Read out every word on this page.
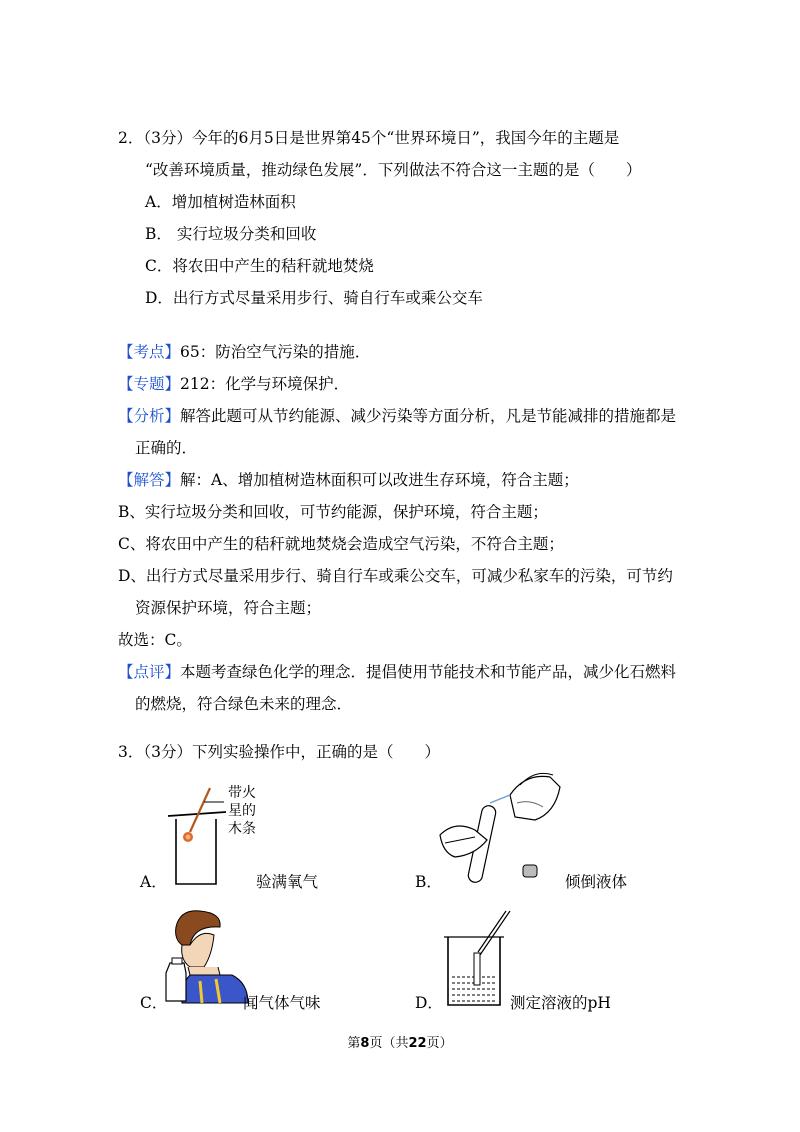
2．（3分）今年的6月5日是世界第45个“世界环境日”，我国今年的主题是
“改善环境质量，推动绿色发展”．下列做法不符合这一主题的是（　　）
A．增加植树造林面积
B． 实行垃圾分类和回收
C．将农田中产生的秸秆就地焚烧
D．出行方式尽量采用步行、骑自行车或乘公交车
【考点】65：防治空气污染的措施．
【专题】212：化学与环境保护．
【分析】解答此题可从节约能源、减少污染等方面分析，凡是节能减排的措施都是
正确的．
【解答】解：A、增加植树造林面积可以改进生存环境，符合主题；
B、实行垃圾分类和回收，可节约能源，保护环境，符合主题；
C、将农田中产生的秸秆就地焚烧会造成空气污染，不符合主题；
D、出行方式尽量采用步行、骑自行车或乘公交车，可减少私家车的污染，可节约
资源保护环境，符合主题；
故选：C。
【点评】本题考查绿色化学的理念．提倡使用节能技术和节能产品，减少化石燃料
的燃烧，符合绿色未来的理念．
3．（3分）下列实验操作中，正确的是（　　）
带火
星的
木条
A．	验满氧气	B．	倾倒液体
C．	闻气体气味	D．	测定溶液的pH
第8页（共22页）
